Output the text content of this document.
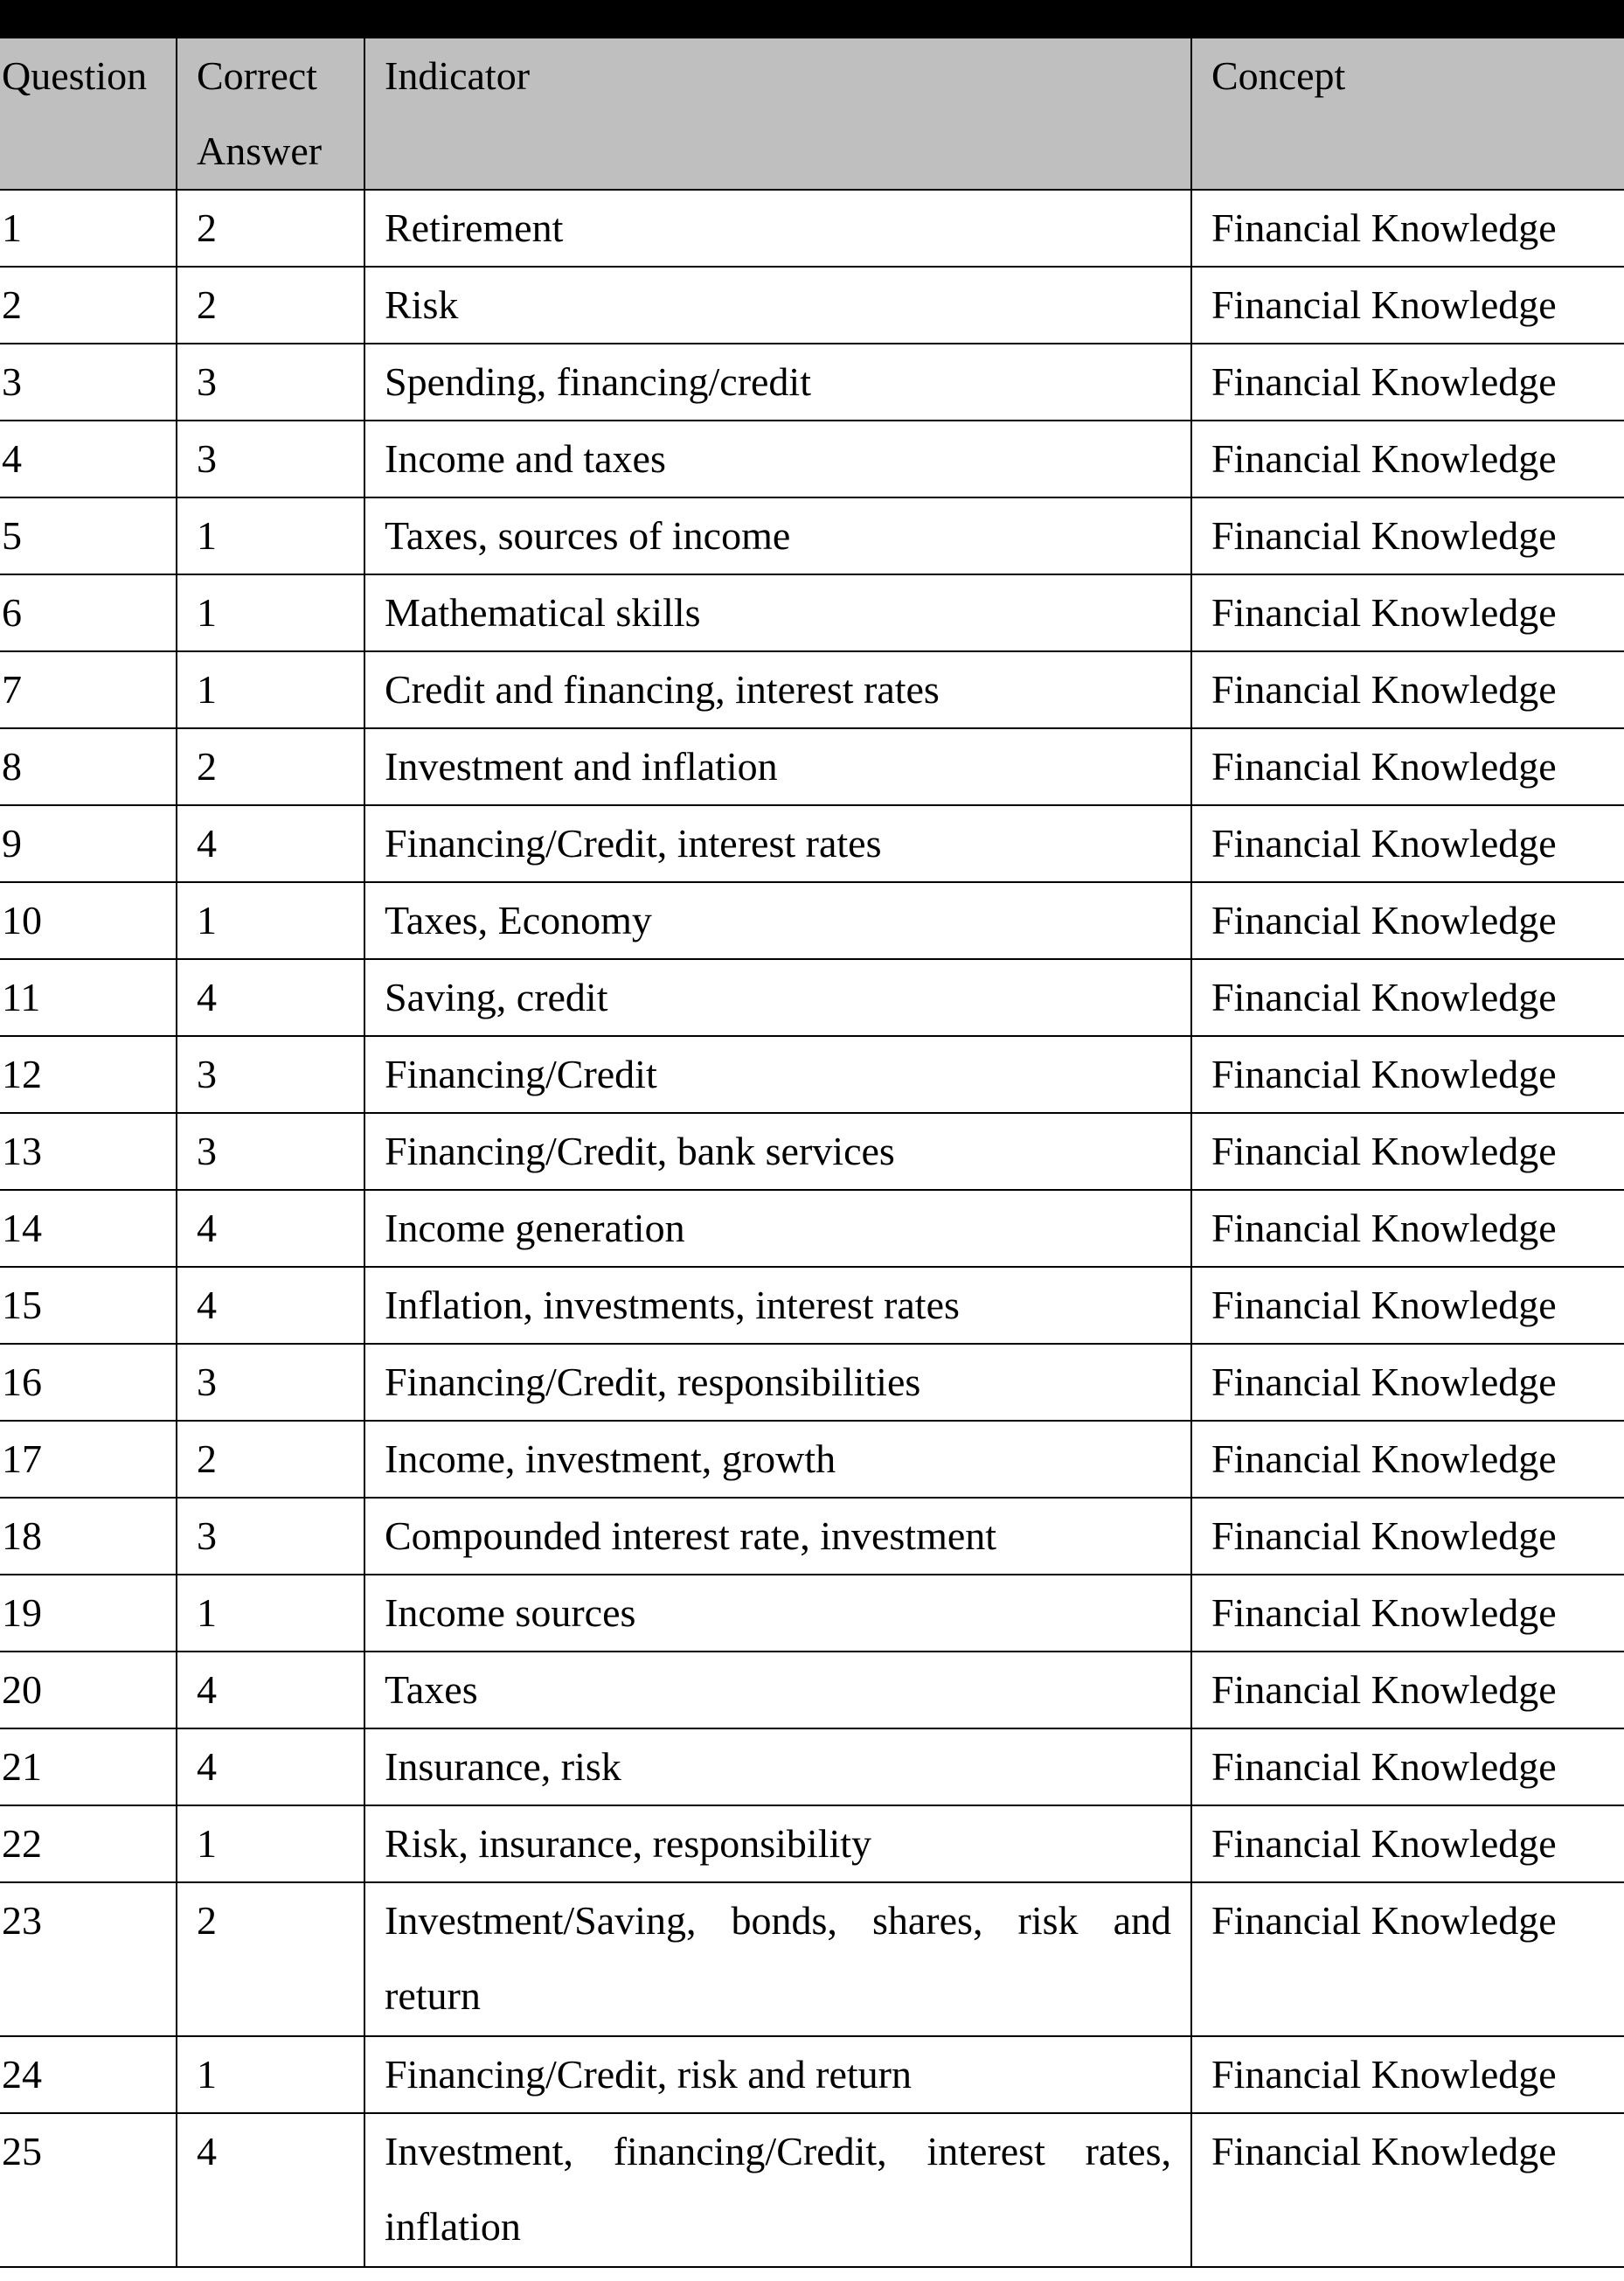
Question	Correct Answer	Indicator	Concept
1	2	Retirement	Financial Knowledge
2	2	Risk	Financial Knowledge
3	3	Spending, financing/credit	Financial Knowledge
4	3	Income and taxes	Financial Knowledge
5	1	Taxes, sources of income	Financial Knowledge
6	1	Mathematical skills	Financial Knowledge
7	1	Credit and financing, interest rates	Financial Knowledge
8	2	Investment and inflation	Financial Knowledge
9	4	Financing/Credit, interest rates	Financial Knowledge
10	1	Taxes, Economy	Financial Knowledge
11	4	Saving, credit	Financial Knowledge
12	3	Financing/Credit	Financial Knowledge
13	3	Financing/Credit, bank services	Financial Knowledge
14	4	Income generation	Financial Knowledge
15	4	Inflation, investments, interest rates	Financial Knowledge
16	3	Financing/Credit, responsibilities	Financial Knowledge
17	2	Income, investment, growth	Financial Knowledge
18	3	Compounded interest rate, investment	Financial Knowledge
19	1	Income sources	Financial Knowledge
20	4	Taxes	Financial Knowledge
21	4	Insurance, risk	Financial Knowledge
22	1	Risk, insurance, responsibility	Financial Knowledge
23	2	Investment/Saving, bonds, shares, risk and return	Financial Knowledge
24	1	Financing/Credit, risk and return	Financial Knowledge
25	4	Investment, financing/Credit, interest rates, inflation	Financial Knowledge
